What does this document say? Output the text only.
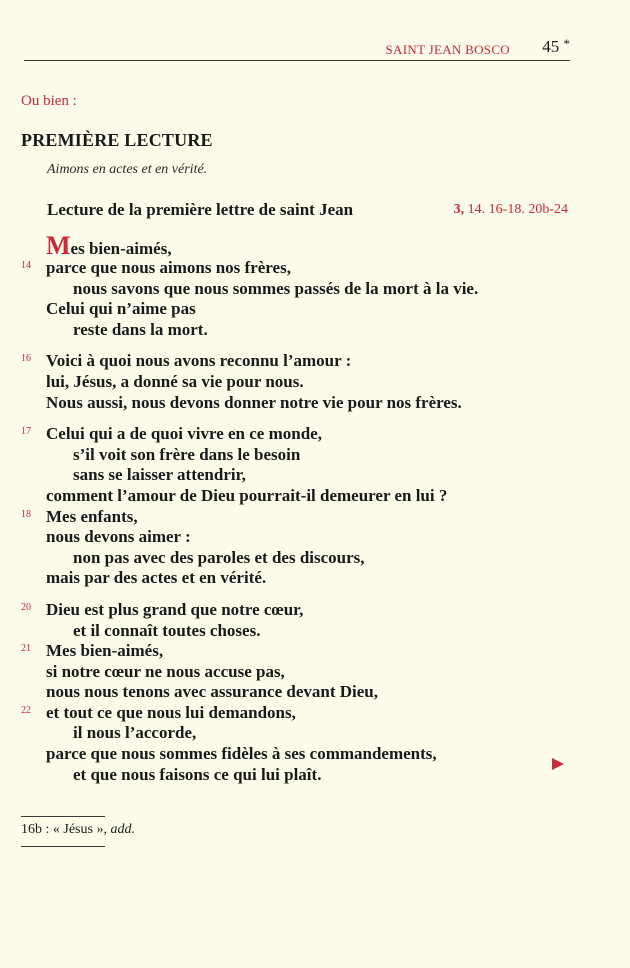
SAINT JEAN BOSCO 45 *
Ou bien :
PREMIÈRE LECTURE
Aimons en actes et en vérité.
Lecture de la première lettre de saint Jean	3, 14. 16-18. 20b-24
Mes bien-aimés,
14 parce que nous aimons nos frères,
nous savons que nous sommes passés de la mort à la vie.
Celui qui n’aime pas
reste dans la mort.
16 Voici à quoi nous avons reconnu l’amour :
lui, Jésus, a donné sa vie pour nous.
Nous aussi, nous devons donner notre vie pour nos frères.
17 Celui qui a de quoi vivre en ce monde,
s’il voit son frère dans le besoin
sans se laisser attendrir,
comment l’amour de Dieu pourrait-il demeurer en lui ?
18 Mes enfants,
nous devons aimer :
non pas avec des paroles et des discours,
mais par des actes et en vérité.
20 Dieu est plus grand que notre cœur,
et il connaît toutes choses.
21 Mes bien-aimés,
si notre cœur ne nous accuse pas,
nous nous tenons avec assurance devant Dieu,
22 et tout ce que nous lui demandons,
il nous l’accorde,
parce que nous sommes fidèles à ses commandements,
et que nous faisons ce qui lui plaît.
16b : « Jésus », add.
